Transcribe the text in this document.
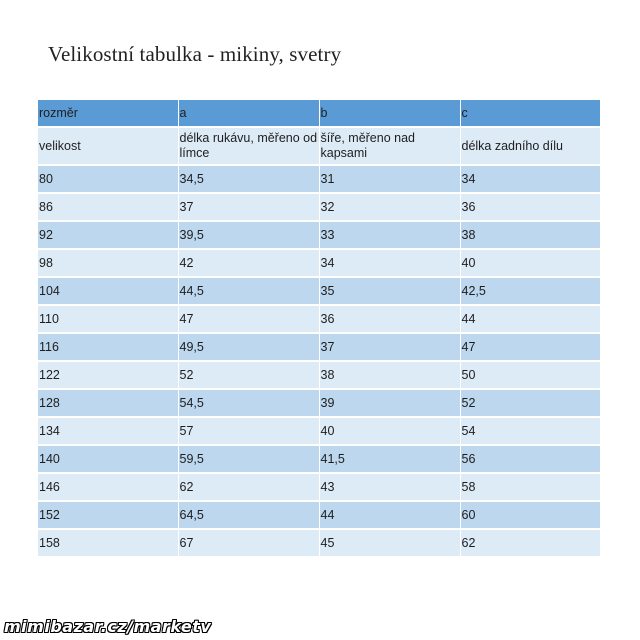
Velikostní tabulka - mikiny, svetry
rozměr	a	b	c
velikost	délka rukávu, měřeno od límce	šíře, měřeno nad kapsami	délka zadního dílu
80	34,5	31	34
86	37	32	36
92	39,5	33	38
98	42	34	40
104	44,5	35	42,5
110	47	36	44
116	49,5	37	47
122	52	38	50
128	54,5	39	52
134	57	40	54
140	59,5	41,5	56
146	62	43	58
152	64,5	44	60
158	67	45	62
mimibazar.cz/marketv
